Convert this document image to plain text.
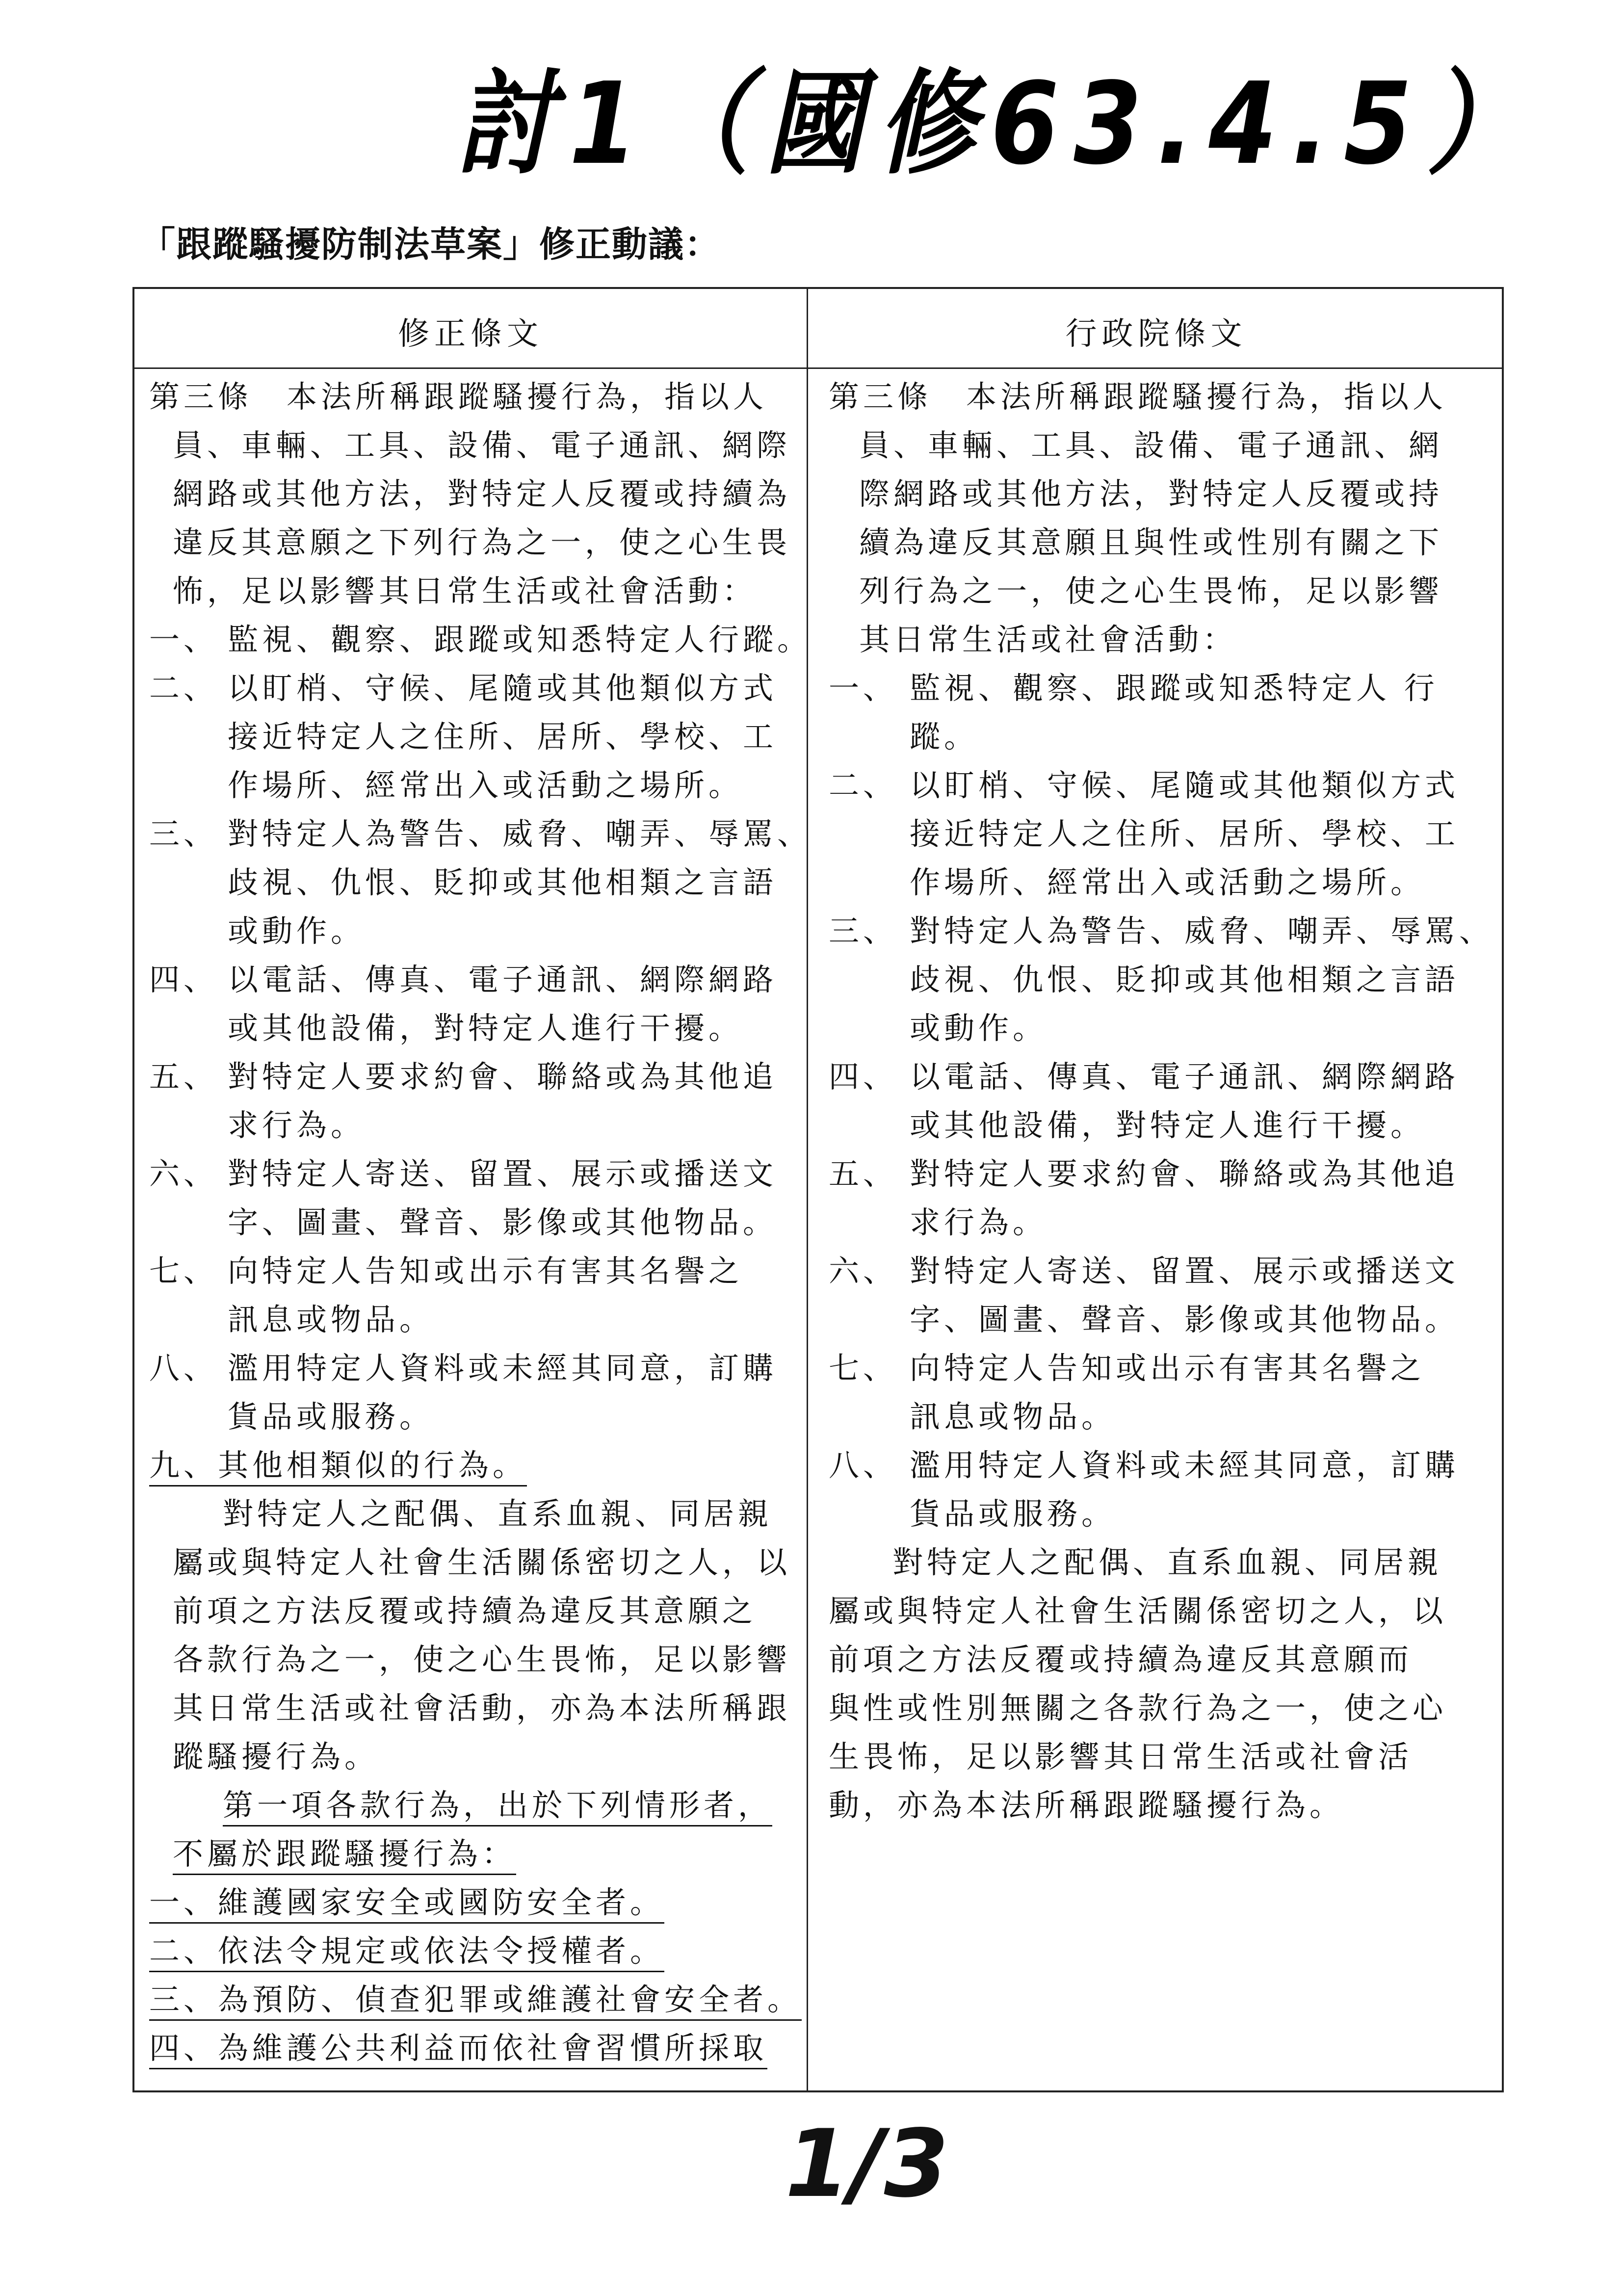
討1（國修63.4.5）
「跟蹤騷擾防制法草案」修正動議：
修正條文	行政院條文
第三條　本法所稱跟蹤騷擾行為，指以人
員、車輛、工具、設備、電子通訊、網際
網路或其他方法，對特定人反覆或持續為
違反其意願之下列行為之一，使之心生畏
怖，足以影響其日常生活或社會活動：
一、 監視、觀察、跟蹤或知悉特定人行蹤。
二、 以盯梢、守候、尾隨或其他類似方式
接近特定人之住所、居所、學校、工
作場所、經常出入或活動之場所。
三、 對特定人為警告、威脅、嘲弄、辱罵、
歧視、仇恨、貶抑或其他相類之言語
或動作。
四、 以電話、傳真、電子通訊、網際網路
或其他設備，對特定人進行干擾。
五、 對特定人要求約會、聯絡或為其他追
求行為。
六、 對特定人寄送、留置、展示或播送文
字、圖畫、聲音、影像或其他物品。
七、 向特定人告知或出示有害其名譽之
訊息或物品。
八、 濫用特定人資料或未經其同意，訂購
貨品或服務。
九、其他相類似的行為。
對特定人之配偶、直系血親、同居親
屬或與特定人社會生活關係密切之人，以
前項之方法反覆或持續為違反其意願之
各款行為之一，使之心生畏怖，足以影響
其日常生活或社會活動，亦為本法所稱跟
蹤騷擾行為。
第一項各款行為，出於下列情形者，
不屬於跟蹤騷擾行為：
一、維護國家安全或國防安全者。
二、依法令規定或依法令授權者。
三、為預防、偵查犯罪或維護社會安全者。
四、為維護公共利益而依社會習慣所採取
第三條　本法所稱跟蹤騷擾行為，指以人
員、車輛、工具、設備、電子通訊、網
際網路或其他方法，對特定人反覆或持
續為違反其意願且與性或性別有關之下
列行為之一，使之心生畏怖，足以影響
其日常生活或社會活動：
一、 監視、觀察、跟蹤或知悉特定人 行
蹤。
二、 以盯梢、守候、尾隨或其他類似方式
接近特定人之住所、居所、學校、工
作場所、經常出入或活動之場所。
三、 對特定人為警告、威脅、嘲弄、辱罵、
歧視、仇恨、貶抑或其他相類之言語
或動作。
四、 以電話、傳真、電子通訊、網際網路
或其他設備，對特定人進行干擾。
五、 對特定人要求約會、聯絡或為其他追
求行為。
六、 對特定人寄送、留置、展示或播送文
字、圖畫、聲音、影像或其他物品。
七、 向特定人告知或出示有害其名譽之
訊息或物品。
八、 濫用特定人資料或未經其同意，訂購
貨品或服務。
對特定人之配偶、直系血親、同居親
屬或與特定人社會生活關係密切之人，以
前項之方法反覆或持續為違反其意願而
與性或性別無關之各款行為之一，使之心
生畏怖，足以影響其日常生活或社會活
動，亦為本法所稱跟蹤騷擾行為。
1/3
